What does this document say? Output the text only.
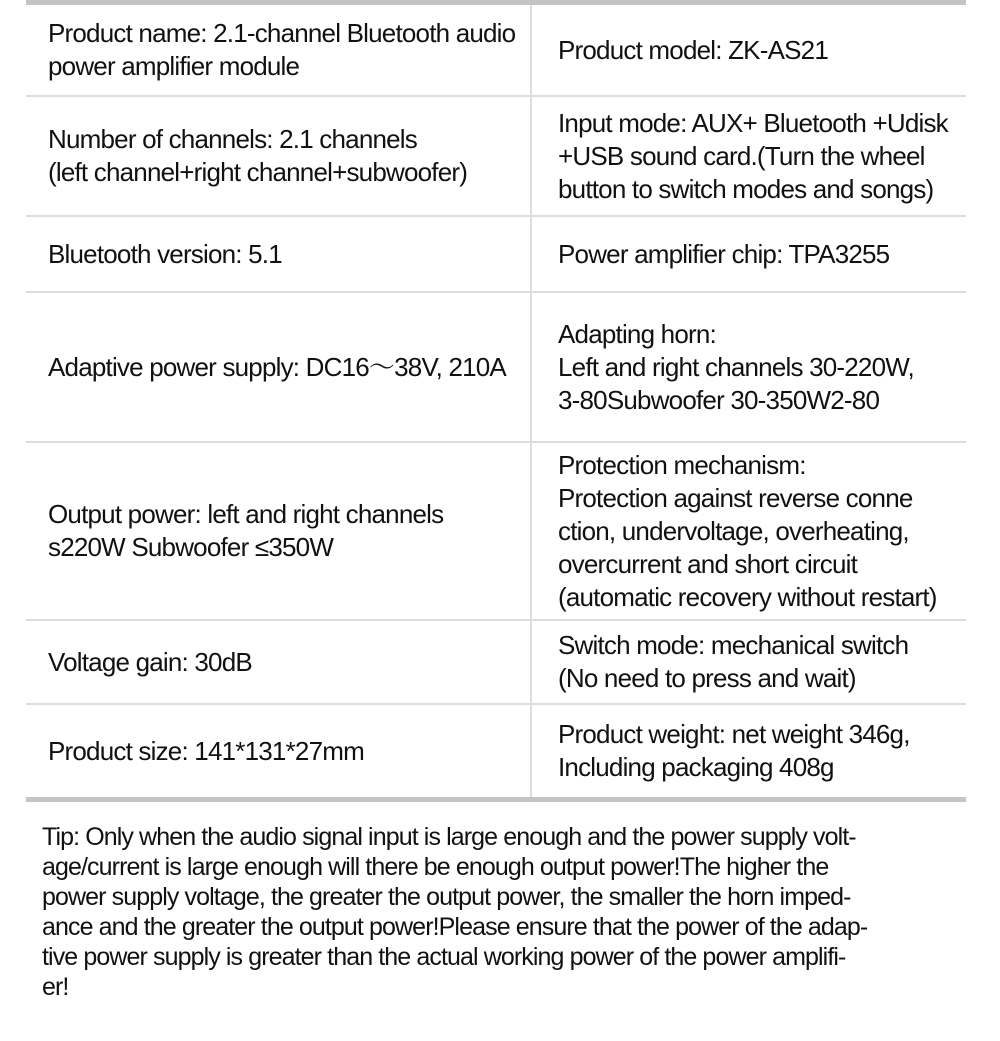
Product name: 2.1-channel Bluetooth audio
power amplifier module
Product model: ZK-AS21
Number of channels: 2.1 channels
(left channel+right channel+subwoofer)
Input mode: AUX+ Bluetooth +Udisk
+USB sound card.(Turn the wheel
button to switch modes and songs)
Bluetooth version: 5.1	Power amplifier chip: TPA3255
Adaptive power supply: DC16～38V, 210A
Adapting horn:
Left and right channels 30-220W,
3-80Subwoofer 30-350W2-80
Output power: left and right channels
s220W Subwoofer ≤350W
Protection mechanism:
Protection against reverse conne
ction, undervoltage, overheating,
overcurrent and short circuit
(automatic recovery without restart)
Voltage gain: 30dB
Switch mode: mechanical switch
(No need to press and wait)
Product size: 141*131*27mm
Product weight: net weight 346g,
Including packaging 408g
Tip: Only when the audio signal input is large enough and the power supply volt-
age/current is large enough will there be enough output power!The higher the
power supply voltage, the greater the output power, the smaller the horn imped-
ance and the greater the output power!Please ensure that the power of the adap-
tive power supply is greater than the actual working power of the power amplifi-
er!
